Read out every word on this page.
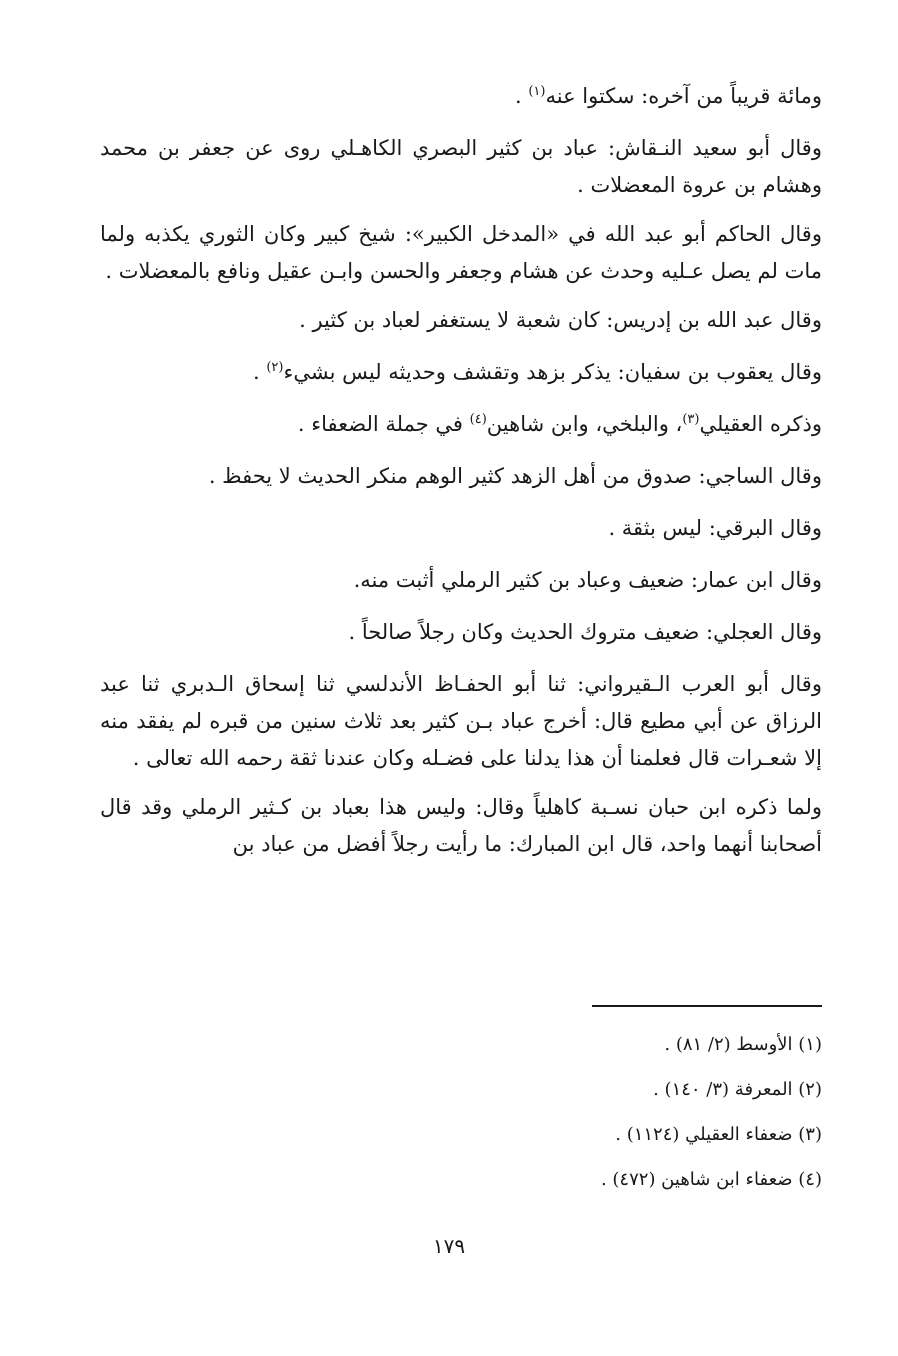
ومائة قريباً من آخره: سكتوا عنه$^{(١)}$ .

وقال أبو سعيد النـقاش: عباد بن كثير البصري الكاهـلي روى عن جعفر بن محمد وهشام بن عروة المعضلات .

وقال الحاكم أبو عبد الله في «المدخل الكبير»: شيخ كبير وكان الثوري يكذبه ولما مات لم يصل عـليه وحدث عن هشام وجعفر والحسن وابـن عقيل ونافع بالمعضلات .

وقال عبد الله بن إدريس: كان شعبة لا يستغفر لعباد بن كثير .

وقال يعقوب بن سفيان: يذكر بزهد وتقشف وحديثه ليس بشيء$^{(٢)}$ .

وذكره العقيلي$^{(٣)}$، والبلخي، وابن شاهين$^{(٤)}$ في جملة الضعفاء .

وقال الساجي: صدوق من أهل الزهد كثير الوهم منكر الحديث لا يحفظ .

وقال البرقي: ليس بثقة .

وقال ابن عمار: ضعيف وعباد بن كثير الرملي أثبت منه.

وقال العجلي: ضعيف متروك الحديث وكان رجلاً صالحاً .

وقال أبو العرب الـقيرواني: ثنا أبو الحفـاظ الأندلسي ثنا إسحاق الـدبري ثنا عبد الرزاق عن أبي مطيع قال: أخرج عباد بـن كثير بعد ثلاث سنين من قبره لم يفقد منه إلا شعـرات قال فعلمنا أن هذا يدلنا على فضـله وكان عندنا ثقة رحمه الله تعالى .

ولما ذكره ابن حبان نسـبة كاهلياً وقال: وليس هذا بعباد بن كـثير الرملي وقد قال أصحابنا أنهما واحد، قال ابن المبارك: ما رأيت رجلاً أفضل من عباد بن

(١) الأوسط (٢/ ٨١) .

(٢) المعرفة (٣/ ١٤٠) .

(٣) ضعفاء العقيلي (١١٢٤) .

(٤) ضعفاء ابن شاهين (٤٧٢) .

١٧٩
